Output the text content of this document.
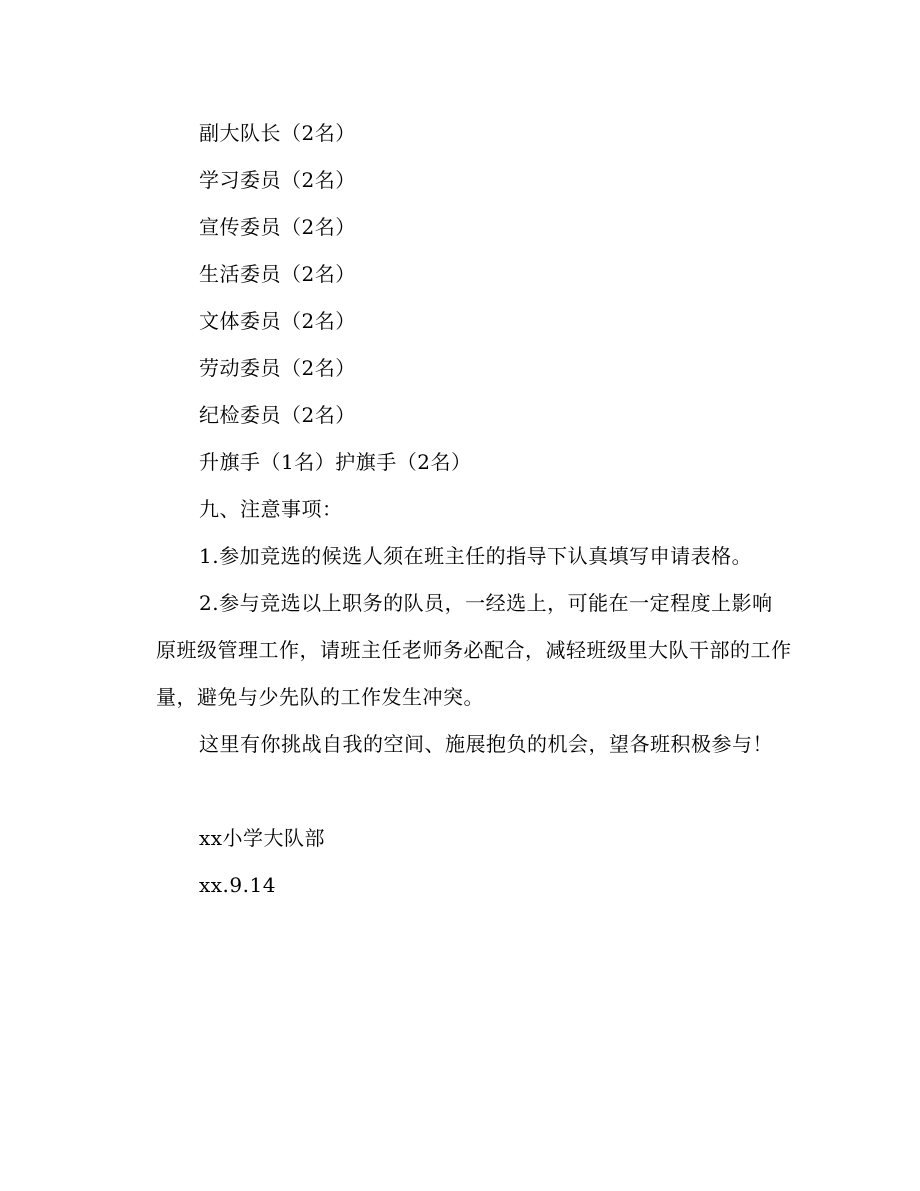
副大队长（2名）
学习委员（2名）
宣传委员（2名）
生活委员（2名）
文体委员（2名）
劳动委员（2名）
纪检委员（2名）
升旗手（1名）护旗手（2名）
九、注意事项：
1.参加竞选的候选人须在班主任的指导下认真填写申请表格。
2.参与竞选以上职务的队员，一经选上，可能在一定程度上影响
原班级管理工作，请班主任老师务必配合，减轻班级里大队干部的工作
量，避免与少先队的工作发生冲突。
这里有你挑战自我的空间、施展抱负的机会，望各班积极参与！
xx小学大队部
xx.9.14
